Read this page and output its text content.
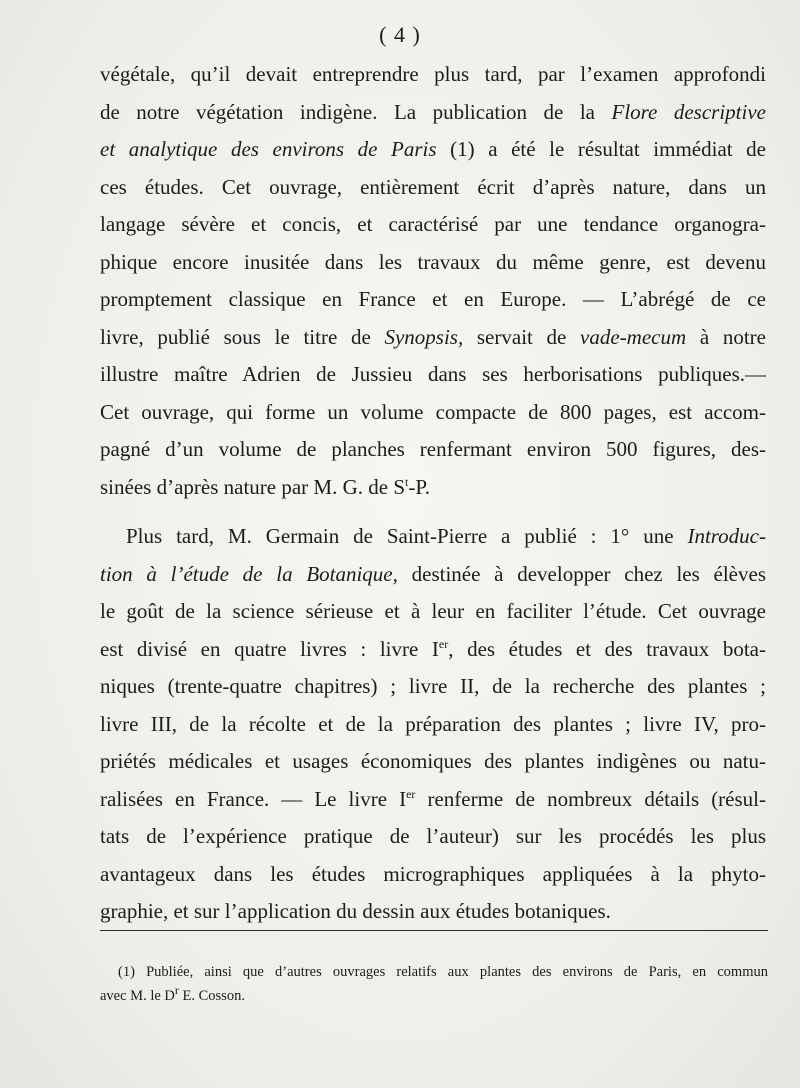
( 4 )
végétale, qu’il devait entreprendre plus tard, par l’examen approfondi
de notre végétation indigène. La publication de la Flore descriptive
et analytique des environs de Paris (1) a été le résultat immédiat de
ces études. Cet ouvrage, entièrement écrit d’après nature, dans un
langage sévère et concis, et caractérisé par une tendance organogra-
phique encore inusitée dans les travaux du même genre, est devenu
promptement classique en France et en Europe. — L’abrégé de ce
livre, publié sous le titre de Synopsis, servait de vade-mecum à notre
illustre maître Adrien de Jussieu dans ses herborisations publiques.—
Cet ouvrage, qui forme un volume compacte de 800 pages, est accom-
pagné d’un volume de planches renfermant environ 500 figures, des-
sinées d’après nature par M. G. de $S^t-P$.
Plus tard, M. Germain de Saint-Pierre a publié : 1° une Introduc-
tion à l’étude de la Botanique, destinée à developper chez les élèves
le goût de la science sérieuse et à leur en faciliter l’étude. Cet ouvrage
est divisé en quatre livres : livre Ier, des études et des travaux bota-
niques (trente-quatre chapitres) ; livre II, de la recherche des plantes ;
livre III, de la récolte et de la préparation des plantes ; livre IV, pro-
priétés médicales et usages économiques des plantes indigènes ou natu-
ralisées en France. — Le livre Ier renferme de nombreux détails (résul-
tats de l’expérience pratique de l’auteur) sur les procédés les plus
avantageux dans les études micrographiques appliquées à la phyto-
graphie, et sur l’application du dessin aux études botaniques.
(1) Publiée, ainsi que d’autres ouvrages relatifs aux plantes des environs de Paris, en commun
avec M. le $D^r$ E. Cosson.
